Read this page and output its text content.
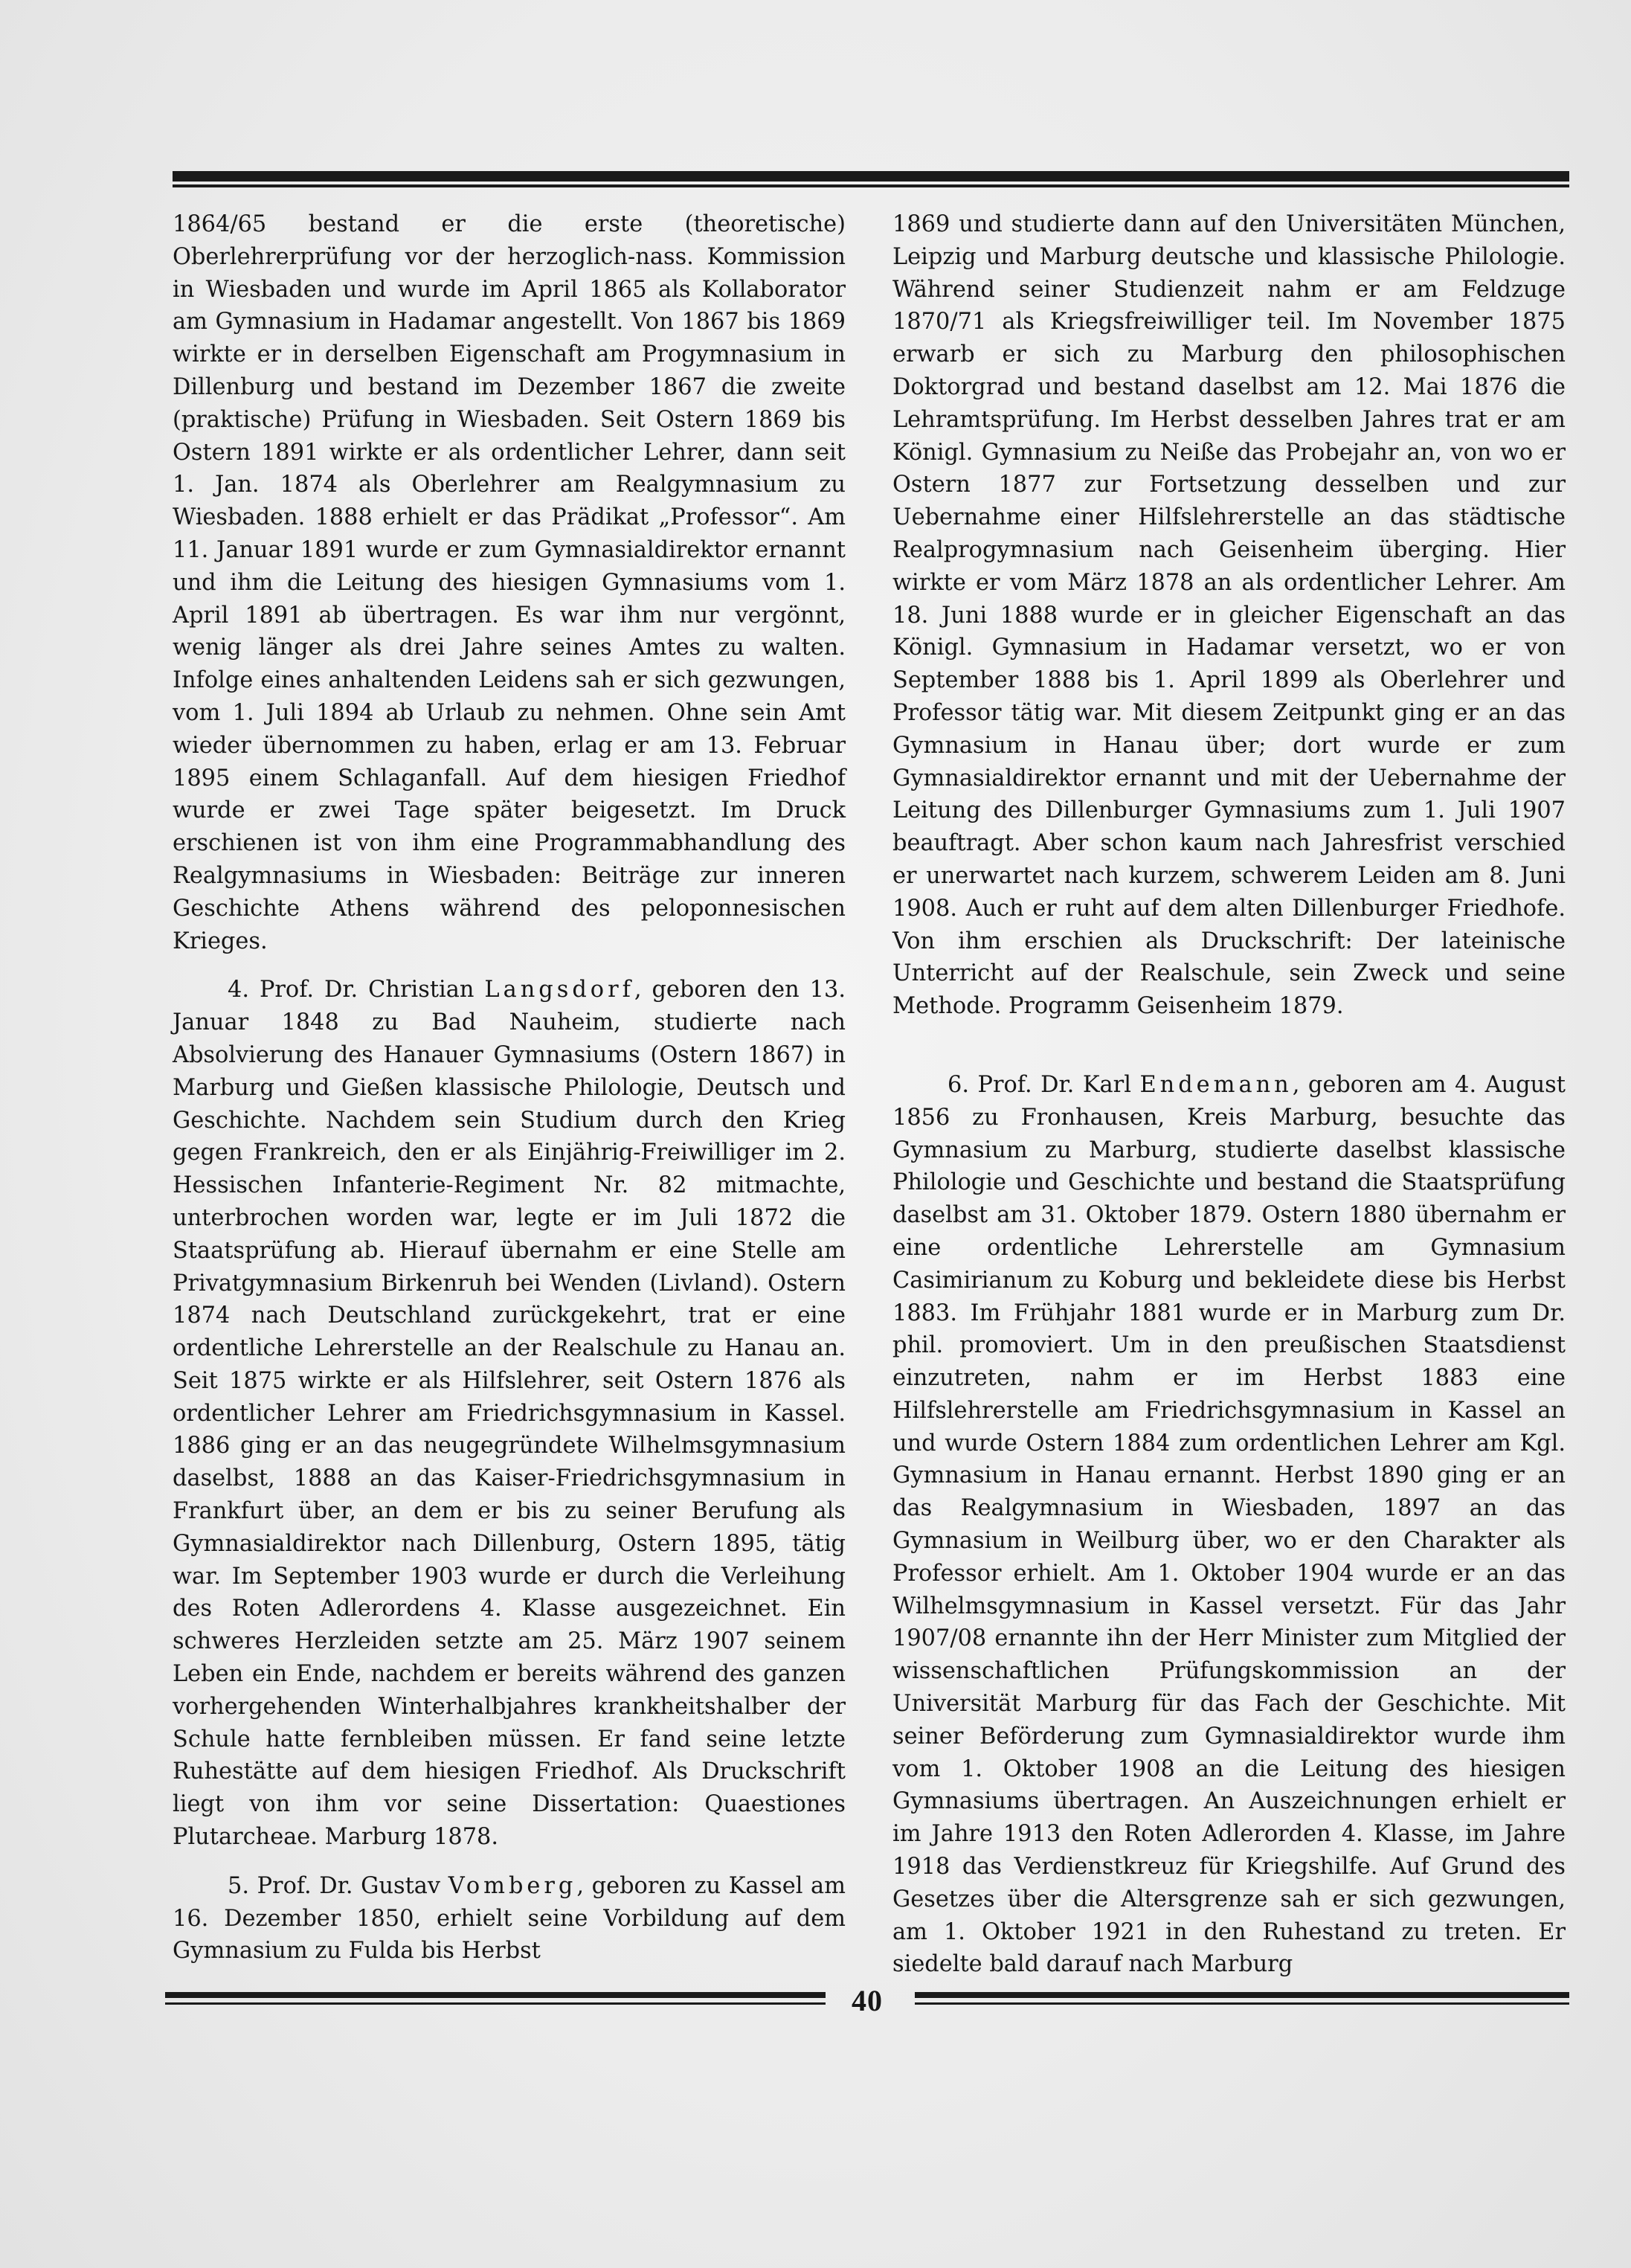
1864/65 bestand er die erste (theoretische) Oberlehrerprüfung vor der herzoglich-nass. Kommission in Wiesbaden und wurde im April 1865 als Kollaborator am Gymnasium in Hadamar angestellt. Von 1867 bis 1869 wirkte er in derselben Eigenschaft am Progymnasium in Dillenburg und bestand im Dezember 1867 die zweite (praktische) Prüfung in Wiesbaden. Seit Ostern 1869 bis Ostern 1891 wirkte er als ordentlicher Lehrer, dann seit 1. Jan. 1874 als Oberlehrer am Realgymnasium zu Wiesbaden. 1888 erhielt er das Prädikat „Professor“. Am 11. Januar 1891 wurde er zum Gymnasialdirektor ernannt und ihm die Leitung des hiesigen Gymnasiums vom 1. April 1891 ab übertragen. Es war ihm nur vergönnt, wenig länger als drei Jahre seines Amtes zu walten. Infolge eines anhaltenden Leidens sah er sich gezwungen, vom 1. Juli 1894 ab Urlaub zu nehmen. Ohne sein Amt wieder übernommen zu haben, erlag er am 13. Februar 1895 einem Schlaganfall. Auf dem hiesigen Friedhof wurde er zwei Tage später beigesetzt. Im Druck erschienen ist von ihm eine Programmabhandlung des Realgymnasiums in Wiesbaden: Beiträge zur inneren Geschichte Athens während des peloponnesischen Krieges.

4. Prof. Dr. Christian Langsdorf, geboren den 13. Januar 1848 zu Bad Nauheim, studierte nach Absolvierung des Hanauer Gymnasiums (Ostern 1867) in Marburg und Gießen klassische Philologie, Deutsch und Geschichte. Nachdem sein Studium durch den Krieg gegen Frankreich, den er als Einjährig-Freiwilliger im 2. Hessischen Infanterie-Regiment Nr. 82 mitmachte, unterbrochen worden war, legte er im Juli 1872 die Staatsprüfung ab. Hierauf übernahm er eine Stelle am Privatgymnasium Birkenruh bei Wenden (Livland). Ostern 1874 nach Deutschland zurückgekehrt, trat er eine ordentliche Lehrerstelle an der Realschule zu Hanau an. Seit 1875 wirkte er als Hilfslehrer, seit Ostern 1876 als ordentlicher Lehrer am Friedrichsgymnasium in Kassel. 1886 ging er an das neugegründete Wilhelmsgymnasium daselbst, 1888 an das Kaiser-Friedrichsgymnasium in Frankfurt über, an dem er bis zu seiner Berufung als Gymnasialdirektor nach Dillenburg, Ostern 1895, tätig war. Im September 1903 wurde er durch die Verleihung des Roten Adlerordens 4. Klasse ausgezeichnet. Ein schweres Herzleiden setzte am 25. März 1907 seinem Leben ein Ende, nachdem er bereits während des ganzen vorhergehenden Winterhalbjahres krankheitshalber der Schule hatte fernbleiben müssen. Er fand seine letzte Ruhestätte auf dem hiesigen Friedhof. Als Druckschrift liegt von ihm vor seine Dissertation: Quaestiones Plutarcheae. Marburg 1878.

5. Prof. Dr. Gustav Vomberg, geboren zu Kassel am 16. Dezember 1850, erhielt seine Vorbildung auf dem Gymnasium zu Fulda bis Herbst

1869 und studierte dann auf den Universitäten München, Leipzig und Marburg deutsche und klassische Philologie. Während seiner Studienzeit nahm er am Feldzuge 1870/71 als Kriegsfreiwilliger teil. Im November 1875 erwarb er sich zu Marburg den philosophischen Doktorgrad und bestand daselbst am 12. Mai 1876 die Lehramtsprüfung. Im Herbst desselben Jahres trat er am Königl. Gymnasium zu Neiße das Probejahr an, von wo er Ostern 1877 zur Fortsetzung desselben und zur Uebernahme einer Hilfslehrerstelle an das städtische Realprogymnasium nach Geisenheim überging. Hier wirkte er vom März 1878 an als ordentlicher Lehrer. Am 18. Juni 1888 wurde er in gleicher Eigenschaft an das Königl. Gymnasium in Hadamar versetzt, wo er von September 1888 bis 1. April 1899 als Oberlehrer und Professor tätig war. Mit diesem Zeitpunkt ging er an das Gymnasium in Hanau über; dort wurde er zum Gymnasialdirektor ernannt und mit der Uebernahme der Leitung des Dillenburger Gymnasiums zum 1. Juli 1907 beauftragt. Aber schon kaum nach Jahresfrist verschied er unerwartet nach kurzem, schwerem Leiden am 8. Juni 1908. Auch er ruht auf dem alten Dillenburger Friedhofe. Von ihm erschien als Druckschrift: Der lateinische Unterricht auf der Realschule, sein Zweck und seine Methode. Programm Geisenheim 1879.

6. Prof. Dr. Karl Endemann, geboren am 4. August 1856 zu Fronhausen, Kreis Marburg, besuchte das Gymnasium zu Marburg, studierte daselbst klassische Philologie und Geschichte und bestand die Staatsprüfung daselbst am 31. Oktober 1879. Ostern 1880 übernahm er eine ordentliche Lehrerstelle am Gymnasium Casimirianum zu Koburg und bekleidete diese bis Herbst 1883. Im Frühjahr 1881 wurde er in Marburg zum Dr. phil. promoviert. Um in den preußischen Staatsdienst einzutreten, nahm er im Herbst 1883 eine Hilfslehrerstelle am Friedrichsgymnasium in Kassel an und wurde Ostern 1884 zum ordentlichen Lehrer am Kgl. Gymnasium in Hanau ernannt. Herbst 1890 ging er an das Realgymnasium in Wiesbaden, 1897 an das Gymnasium in Weilburg über, wo er den Charakter als Professor erhielt. Am 1. Oktober 1904 wurde er an das Wilhelmsgymnasium in Kassel versetzt. Für das Jahr 1907/08 ernannte ihn der Herr Minister zum Mitglied der wissenschaftlichen Prüfungskommission an der Universität Marburg für das Fach der Geschichte. Mit seiner Beförderung zum Gymnasialdirektor wurde ihm vom 1. Oktober 1908 an die Leitung des hiesigen Gymnasiums übertragen. An Auszeichnungen erhielt er im Jahre 1913 den Roten Adlerorden 4. Klasse, im Jahre 1918 das Verdienstkreuz für Kriegshilfe. Auf Grund des Gesetzes über die Altersgrenze sah er sich gezwungen, am 1. Oktober 1921 in den Ruhestand zu treten. Er siedelte bald darauf nach Marburg

40
